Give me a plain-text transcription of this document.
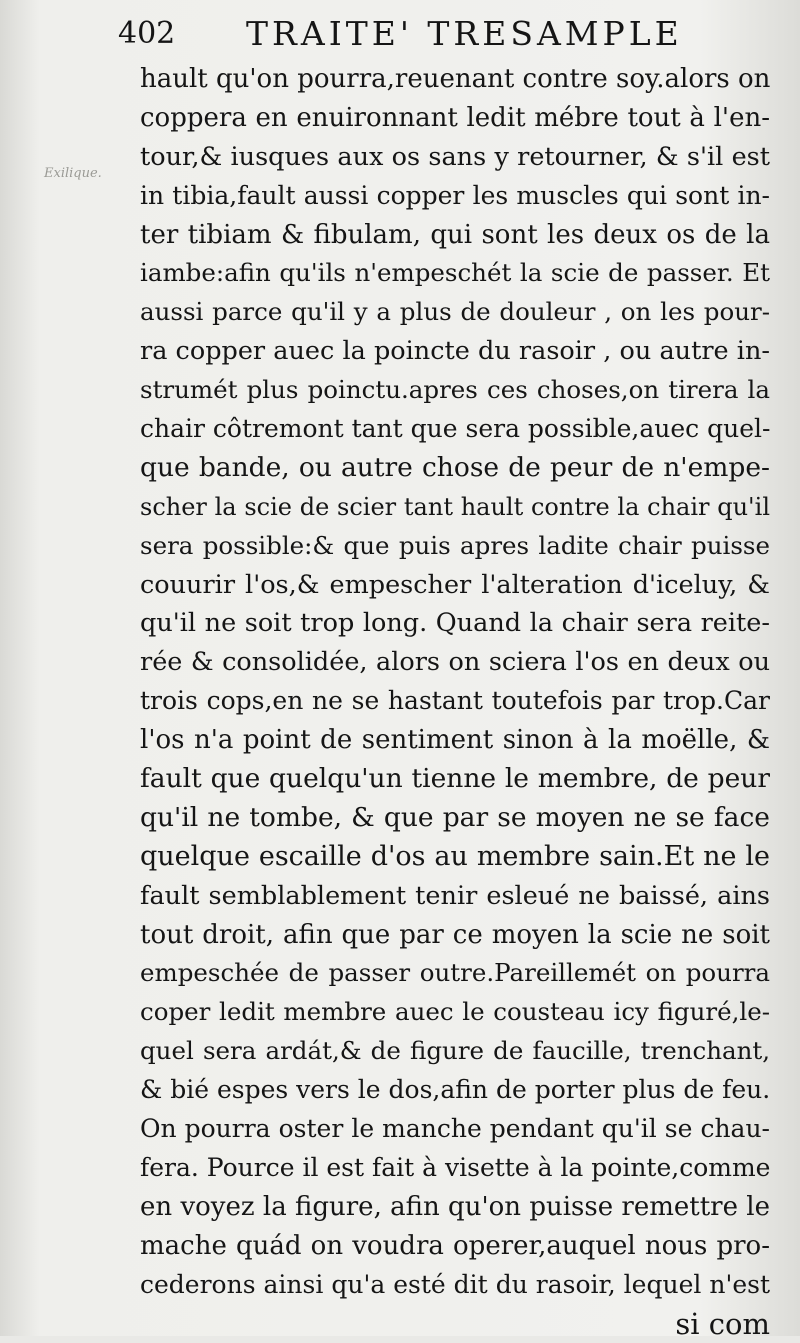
402 TRAITE' TRESAMPLE
Exilique.
hault qu'on pourra,reuenant contre soy.alors on
coppera en enuironnant ledit mébre tout à l'en-
tour,& iusques aux os sans y retourner, & s'il est
in tibia,fault aussi copper les muscles qui sont in-
ter tibiam & fibulam, qui sont les deux os de la
iambe:afin qu'ils n'empeschét la scie de passer. Et
aussi parce qu'il y a plus de douleur , on les pour-
ra copper auec la poincte du rasoir , ou autre in-
strumét plus poinctu.apres ces choses,on tirera la
chair côtremont tant que sera possible,auec quel-
que bande, ou autre chose de peur de n'empe-
scher la scie de scier tant hault contre la chair qu'il
sera possible:& que puis apres ladite chair puisse
couurir l'os,& empescher l'alteration d'iceluy, &
qu'il ne soit trop long. Quand la chair sera reite-
rée & consolidée, alors on sciera l'os en deux ou
trois cops,en ne se hastant toutefois par trop.Car
l'os n'a point de sentiment sinon à la moëlle, &
fault que quelqu'un tienne le membre, de peur
qu'il ne tombe, & que par se moyen ne se face
quelque escaille d'os au membre sain.Et ne le
fault semblablement tenir esleué ne baissé, ains
tout droit, afin que par ce moyen la scie ne soit
empeschée de passer outre.Pareillemét on pourra
coper ledit membre auec le cousteau icy figuré,le-
quel sera ardát,& de figure de faucille, trenchant,
& bié espes vers le dos,afin de porter plus de feu.
On pourra oster le manche pendant qu'il se chau-
fera. Pource il est fait à visette à la pointe,comme
en voyez la figure, afin qu'on puisse remettre le
mache quád on voudra operer,auquel nous pro-
cederons ainsi qu'a esté dit du rasoir, lequel n'est
si com
